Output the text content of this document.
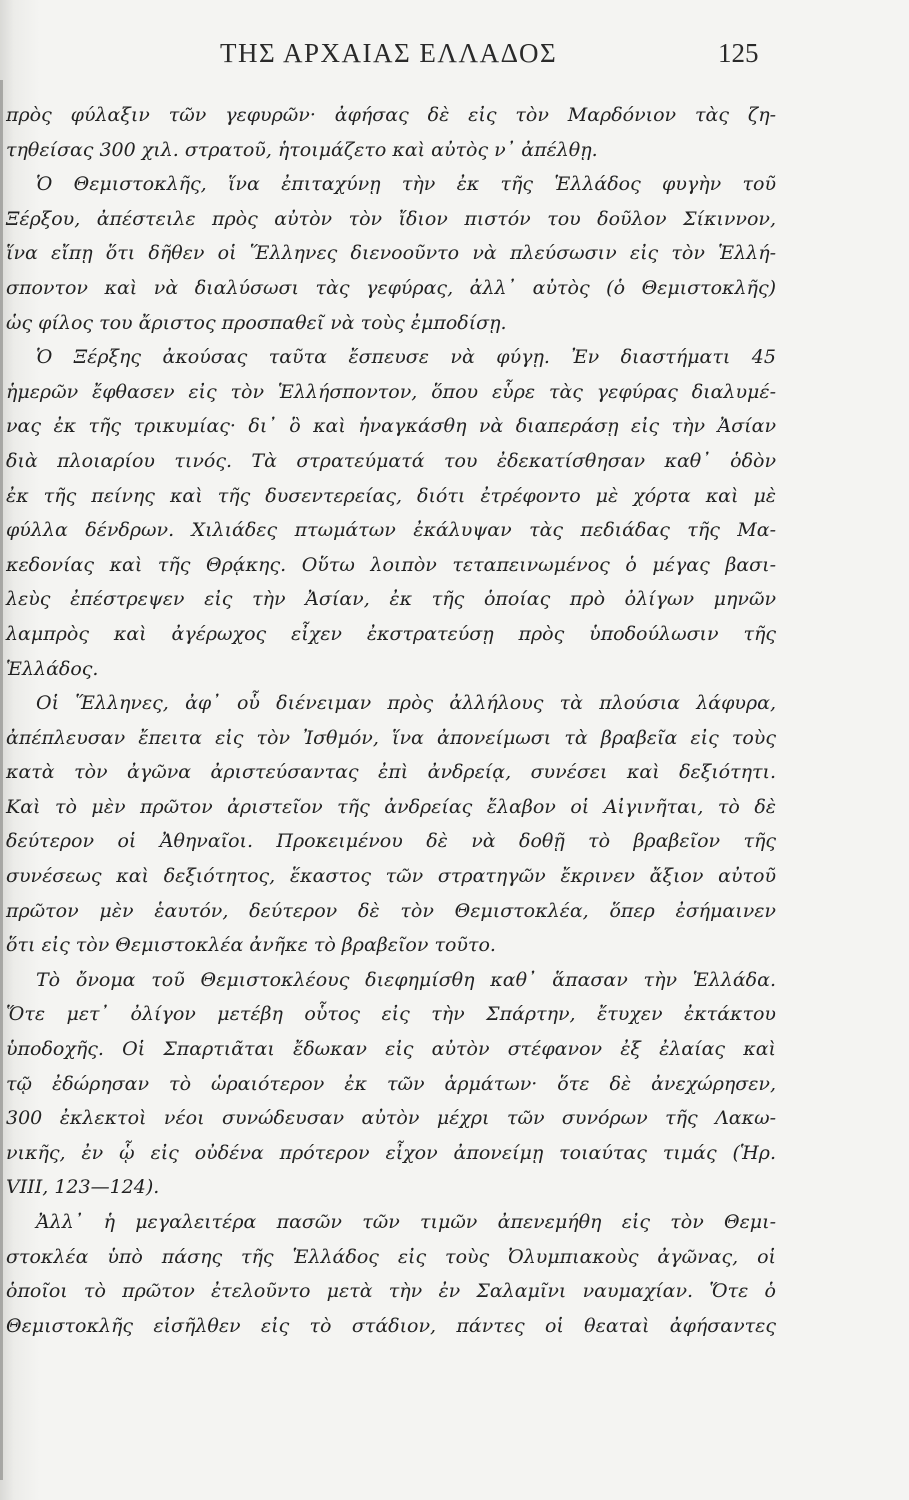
ΤΗΣ ΑΡΧΑΙΑΣ ΕΛΛΑΔΟΣ	125
πρὸς φύλαξιν τῶν γεφυρῶν· ἀφήσας δὲ εἰς τὸν Μαρδόνιον τὰς ζη-
τηθείσας 300 χιλ. στρατοῦ, ἡτοιμάζετο καὶ αὐτὸς ν᾽ ἀπέλθῃ.
Ὁ Θεμιστοκλῆς, ἵνα ἐπιταχύνῃ τὴν ἐκ τῆς Ἑλλάδος φυγὴν τοῦ
Ξέρξου, ἀπέστειλε πρὸς αὐτὸν τὸν ἴδιον πιστόν του δοῦλον Σίκιννον,
ἵνα εἴπῃ ὅτι δῆθεν οἱ Ἕλληνες διενοοῦντο νὰ πλεύσωσιν εἰς τὸν Ἑλλή-
σποντον καὶ νὰ διαλύσωσι τὰς γεφύρας, ἀλλ᾽ αὐτὸς (ὁ Θεμιστοκλῆς)
ὡς φίλος του ἄριστος προσπαθεῖ νὰ τοὺς ἐμποδίσῃ.
Ὁ Ξέρξης ἀκούσας ταῦτα ἔσπευσε νὰ φύγῃ. Ἐν διαστήματι 45
ἡμερῶν ἔφθασεν εἰς τὸν Ἑλλήσποντον, ὅπου εὗρε τὰς γεφύρας διαλυμέ-
νας ἐκ τῆς τρικυμίας· δι᾽ ὃ καὶ ἠναγκάσθη νὰ διαπεράσῃ εἰς τὴν Ἀσίαν
διὰ πλοιαρίου τινός. Τὰ στρατεύματά του ἐδεκατίσθησαν καθ᾽ ὁδὸν
ἐκ τῆς πείνης καὶ τῆς δυσεντερείας, διότι ἐτρέφοντο μὲ χόρτα καὶ μὲ
φύλλα δένδρων. Χιλιάδες πτωμάτων ἐκάλυψαν τὰς πεδιάδας τῆς Μα-
κεδονίας καὶ τῆς Θρᾴκης. Οὕτω λοιπὸν τεταπεινωμένος ὁ μέγας βασι-
λεὺς ἐπέστρεψεν εἰς τὴν Ἀσίαν, ἐκ τῆς ὁποίας πρὸ ὀλίγων μηνῶν
λαμπρὸς καὶ ἀγέρωχος εἶχεν ἐκστρατεύσῃ πρὸς ὑποδούλωσιν τῆς
Ἑλλάδος.
Οἱ Ἕλληνες, ἀφ᾽ οὗ διένειμαν πρὸς ἀλλήλους τὰ πλούσια λάφυρα,
ἀπέπλευσαν ἔπειτα εἰς τὸν Ἰσθμόν, ἵνα ἀπονείμωσι τὰ βραβεῖα εἰς τοὺς
κατὰ τὸν ἀγῶνα ἀριστεύσαντας ἐπὶ ἀνδρείᾳ, συνέσει καὶ δεξιότητι.
Καὶ τὸ μὲν πρῶτον ἀριστεῖον τῆς ἀνδρείας ἔλαβον οἱ Αἰγινῆται, τὸ δὲ
δεύτερον οἱ Ἀθηναῖοι. Προκειμένου δὲ νὰ δοθῇ τὸ βραβεῖον τῆς
συνέσεως καὶ δεξιότητος, ἕκαστος τῶν στρατηγῶν ἔκρινεν ἄξιον αὐτοῦ
πρῶτον μὲν ἑαυτόν, δεύτερον δὲ τὸν Θεμιστοκλέα, ὅπερ ἐσήμαινεν
ὅτι εἰς τὸν Θεμιστοκλέα ἀνῆκε τὸ βραβεῖον τοῦτο.
Τὸ ὄνομα τοῦ Θεμιστοκλέους διεφημίσθη καθ᾽ ἅπασαν τὴν Ἑλλάδα.
Ὅτε μετ᾽ ὀλίγον μετέβη οὗτος εἰς τὴν Σπάρτην, ἔτυχεν ἐκτάκτου
ὑποδοχῆς. Οἱ Σπαρτιᾶται ἔδωκαν εἰς αὐτὸν στέφανον ἐξ ἐλαίας καὶ
τῷ ἐδώρησαν τὸ ὡραιότερον ἐκ τῶν ἁρμάτων· ὅτε δὲ ἀνεχώρησεν,
300 ἐκλεκτοὶ νέοι συνώδευσαν αὐτὸν μέχρι τῶν συνόρων τῆς Λακω-
νικῆς, ἐν ᾧ εἰς οὐδένα πρότερον εἶχον ἀπονείμῃ τοιαύτας τιμάς (Ἡρ.
VIII, 123—124).
Ἀλλ᾽ ἡ μεγαλειτέρα πασῶν τῶν τιμῶν ἀπενεμήθη εἰς τὸν Θεμι-
στοκλέα ὑπὸ πάσης τῆς Ἑλλάδος εἰς τοὺς Ὀλυμπιακοὺς ἀγῶνας, οἱ
ὁποῖοι τὸ πρῶτον ἐτελοῦντο μετὰ τὴν ἐν Σαλαμῖνι ναυμαχίαν. Ὅτε ὁ
Θεμιστοκλῆς εἰσῆλθεν εἰς τὸ στάδιον, πάντες οἱ θεαταὶ ἀφήσαντες
